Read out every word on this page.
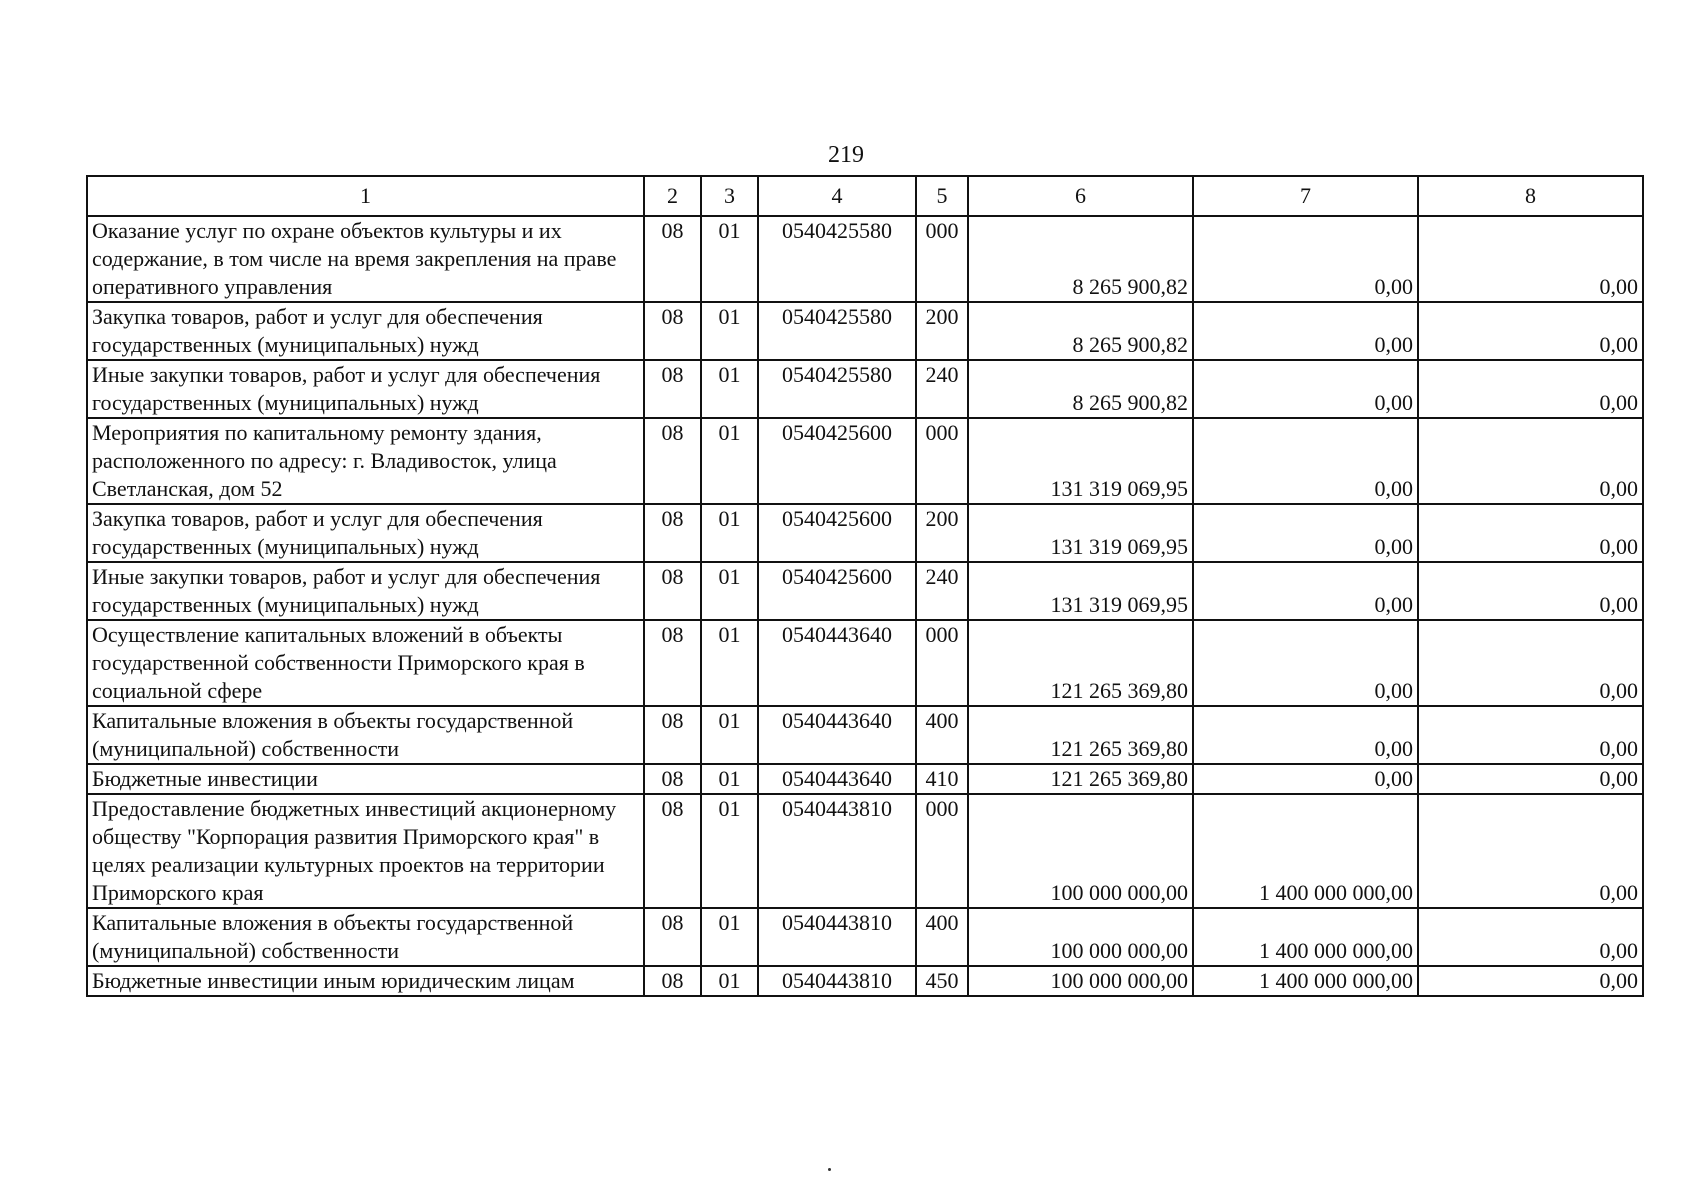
219
1	2	3	4	5	6	7	8
Оказание услуг по охране объектов культуры и их содержание, в том числе на время закрепления на праве оперативного управления	08	01	0540425580	000	8 265 900,82	0,00	0,00
Закупка товаров, работ и услуг для обеспечения государственных (муниципальных) нужд	08	01	0540425580	200	8 265 900,82	0,00	0,00
Иные закупки товаров, работ и услуг для обеспечения государственных (муниципальных) нужд	08	01	0540425580	240	8 265 900,82	0,00	0,00
Мероприятия по капитальному ремонту здания, расположенного по адресу: г. Владивосток, улица Светланская, дом 52	08	01	0540425600	000	131 319 069,95	0,00	0,00
Закупка товаров, работ и услуг для обеспечения государственных (муниципальных) нужд	08	01	0540425600	200	131 319 069,95	0,00	0,00
Иные закупки товаров, работ и услуг для обеспечения государственных (муниципальных) нужд	08	01	0540425600	240	131 319 069,95	0,00	0,00
Осуществление капитальных вложений в объекты государственной собственности Приморского края в социальной сфере	08	01	0540443640	000	121 265 369,80	0,00	0,00
Капитальные вложения в объекты государственной (муниципальной) собственности	08	01	0540443640	400	121 265 369,80	0,00	0,00
Бюджетные инвестиции	08	01	0540443640	410	121 265 369,80	0,00	0,00
Предоставление бюджетных инвестиций акционерному обществу "Корпорация развития Приморского края" в целях реализации культурных проектов на территории Приморского края	08	01	0540443810	000	100 000 000,00	1 400 000 000,00	0,00
Капитальные вложения в объекты государственной (муниципальной) собственности	08	01	0540443810	400	100 000 000,00	1 400 000 000,00	0,00
Бюджетные инвестиции иным юридическим лицам	08	01	0540443810	450	100 000 000,00	1 400 000 000,00	0,00
